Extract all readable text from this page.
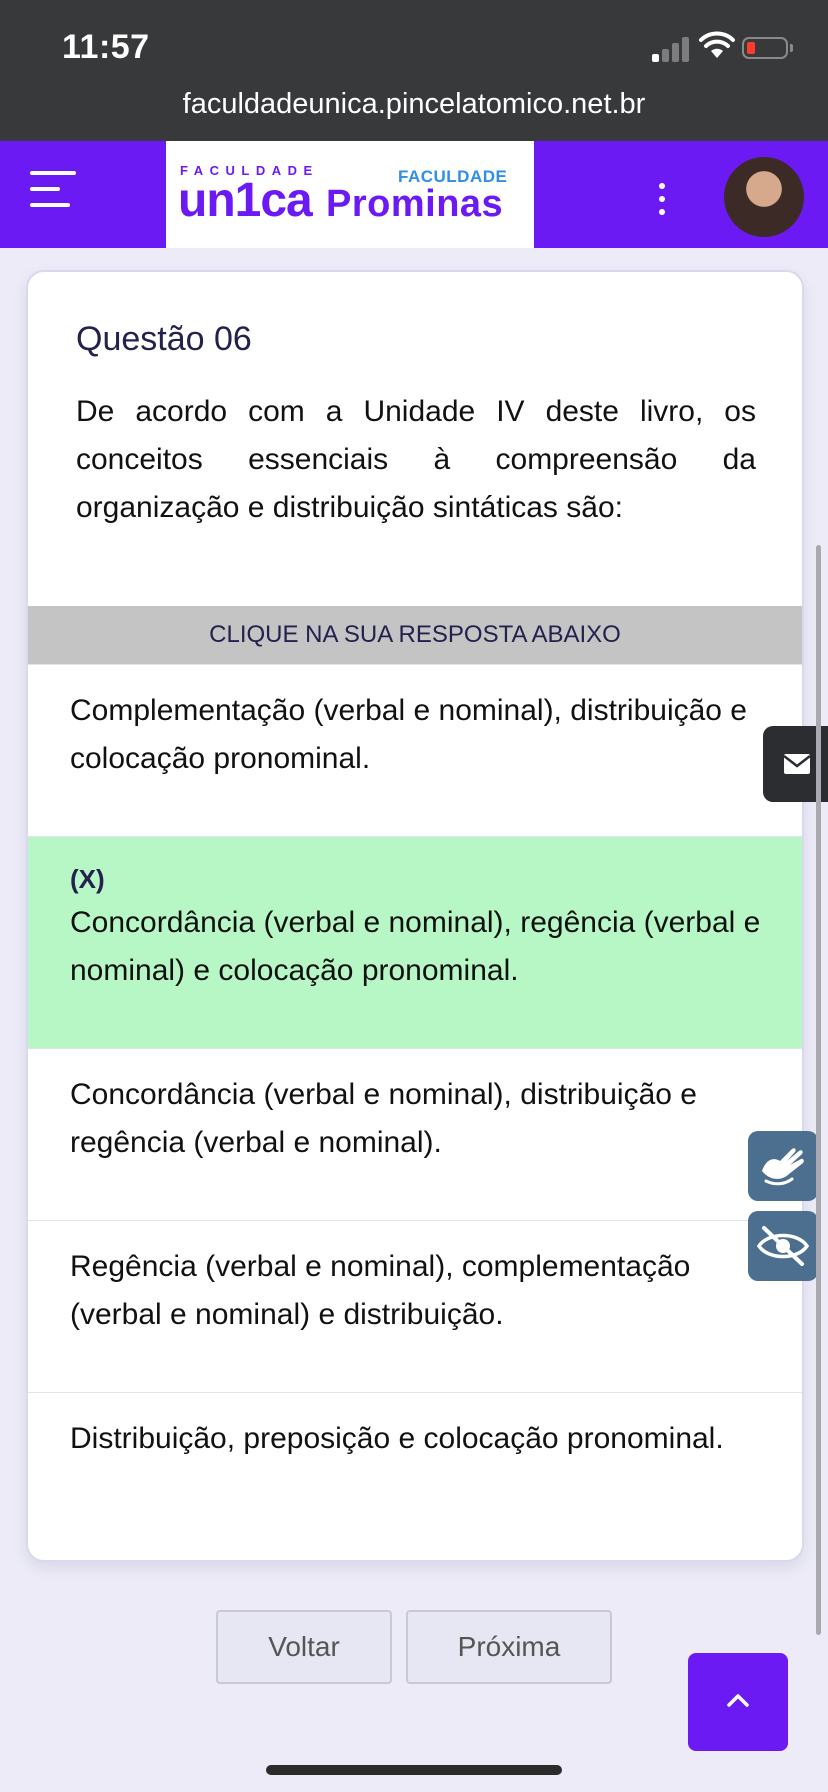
11:57
faculdadeunica.pincelatomico.net.br
FACULDADE
un1ca	FACULDADE
Prominas
Questão 06
De acordo com a Unidade IV deste livro, os conceitos essenciais à compreensão da organização e distribuição sintáticas são:
CLIQUE NA SUA RESPOSTA ABAIXO
Complementação (verbal e nominal), distribuição e colocação pronominal.
(X)
Concordância (verbal e nominal), regência (verbal e nominal) e colocação pronominal.
Concordância (verbal e nominal), distribuição e regência (verbal e nominal).
Regência (verbal e nominal), complementação (verbal e nominal) e distribuição.
Distribuição, preposição e colocação pronominal.
Voltar	Próxima
